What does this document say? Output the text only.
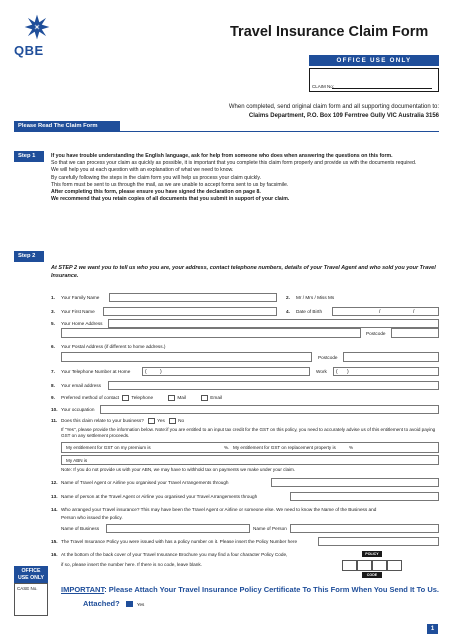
QBE
Travel Insurance Claim Form
OFFICE USE ONLY
CLAIM No:
When completed, send original claim form and all supporting documentation to:
Claims Department, P.O. Box 109 Ferntree Gully VIC Australia 3156
Please Read The Claim Form Carefully
Step 1	If you have trouble understanding the English language, ask for help from someone who does when answering the questions on this form.

So that we can process your claim as quickly as possible, it is important that you complete this claim form properly and provide us with the documents required.

We will help you at each question with an explanation of what we need to know.

By carefully following the steps in the claim form you will help us process your claim quickly.

This form must be sent to us through the mail, as we are unable to accept forms sent to us by facsimile.

After completing this form, please ensure you have signed the declaration on page 8.

We recommend that you retain copies of all documents that you submit in support of your claim.

Step 2
At STEP 2 we want you to tell us who you are, your address, contact telephone numbers, details of your Travel Agent and who sold you your Travel Insurance.
1. Your Family Name	2. Mr / Mrs / Miss Ms
3. Your First Name	4. Date of Birth	/	/
5. Your Home Address
Postcode
6. Your Postal Address (if different to home address.)
Postcode
7. Your Telephone Number at Home	(	)	Work ( )
8. Your email address
9. Preferred method of contact	Telephone	Mail	Email
10. Your occupation
11. Does this claim relate to your business?	Yes	No
If "Yes", please provide the information below. Note:if you are entitled to an input tax credit for the GST on this policy, you need to accurately advise us of this entitlement to avoid paying GST on any settlement proceeds.
My entitlement for GST on my premium is	%. My entitlement for GST on replacement property is	%
My ABN is
Note: If you do not provide us with your ABN, we may have to withhold tax on payments we make under your claim.
12. Name of Travel Agent or Airline you organised your Travel Arrangements through
13. Name of person at the Travel Agent or Airline you organised your Travel Arrangements through
14. Who arranged your Travel insurance? This may have been the Travel Agent or Airline or someone else. We need to know the Name of the Business and
Person who issued the policy.
Name of Business	Name of Person
15. The Travel Insurance Policy you were issued with has a policy number on it. Please insert the Policy Number here
16. At the bottom of the back cover of your Travel Insurance Brochure you may find a four character Policy Code,
if so, please insert the number here. If there is no code, leave blank.
POLICY
CODE
OFFICE
USE ONLY
CASE No.	IMPORTANT: Please Attach Your Travel Insurance Policy Certificate To This Form When You Send It To Us.
Attached?	Yes
1
